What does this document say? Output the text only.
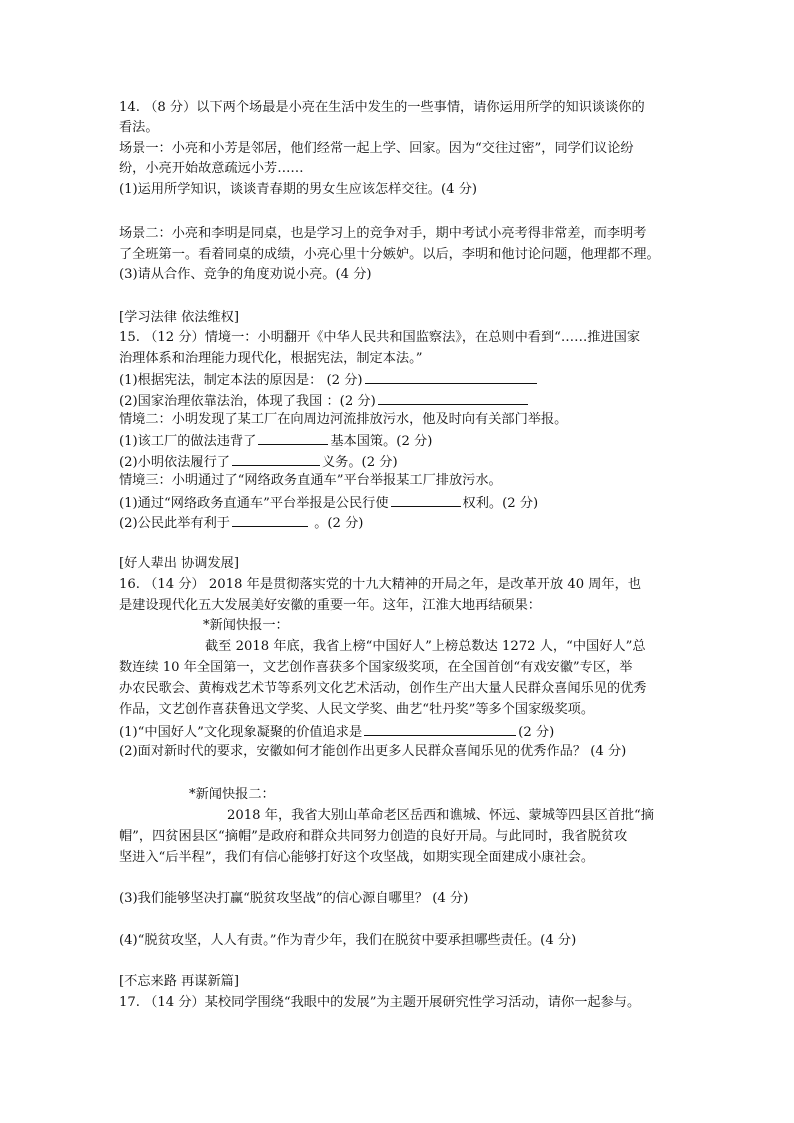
14. （8 分）以下两个场最是小亮在生活中发生的一些事情，请你运用所学的知识谈谈你的
看法。
场景一：小亮和小芳是邻居，他们经常一起上学、回家。因为“交往过密”，同学们议论纷
纷，小亮开始故意疏远小芳……
(1)运用所学知识，谈谈青春期的男女生应该怎样交往。(4 分)
场景二：小亮和李明是同桌，也是学习上的竞争对手，期中考试小亮考得非常差，而李明考
了全班第一。看着同桌的成绩，小亮心里十分嫉妒。以后，李明和他讨论问题，他理都不理。
(3)请从合作、竞争的角度劝说小亮。(4 分)
[学习法律 依法维权]
15. （12 分）情境一：小明翻开《中华人民共和国监察法》，在总则中看到“……推进国家
治理体系和治理能力现代化，根据宪法，制定本法。”
(1)根据宪法，制定本法的原因是： (2 分)
(2)国家治理依靠法治，体现了我国 ：(2 分)
情境二：小明发现了某工厂在向周边河流排放污水，他及时向有关部门举报。
(1)该工厂的做法违背了	基本国策。(2 分)
(2)小明依法履行了	义务。(2 分)
情境三：小明通过了“网络政务直通车”平台举报某工厂排放污水。
(1)通过“网络政务直通车”平台举报是公民行使	权利。(2 分)
(2)公民此举有利于	。(2 分)
[好人辈出 协调发展]
16. （14 分） 2018 年是贯彻落实党的十九大精神的开局之年，是改革开放 40 周年，也
是建设现代化五大发展美好安徽的重要一年。这年，江淮大地再结硕果：
*新闻快报一：
截至 2018 年底，我省上榜“中国好人”上榜总数达 1272 人，“中国好人”总
数连续 10 年全国第一，文艺创作喜获多个国家级奖项，在全国首创“有戏安徽”专区，举
办农民歌会、黄梅戏艺术节等系列文化艺术活动，创作生产出大量人民群众喜闻乐见的优秀
作品，文艺创作喜获鲁迅文学奖、人民文学奖、曲艺“牡丹奖”等多个国家级奖项。
(1)“中国好人”文化现象凝聚的价值追求是	(2 分)
(2)面对新时代的要求，安徽如何才能创作出更多人民群众喜闻乐见的优秀作品？ (4 分)
*新闻快报二：
2018 年，我省大别山革命老区岳西和谯城、怀远、蒙城等四县区首批“摘
帽”，四贫困县区“摘帽”是政府和群众共同努力创造的良好开局。与此同时，我省脱贫攻
坚进入“后半程”，我们有信心能够打好这个攻坚战，如期实现全面建成小康社会。
(3)我们能够坚决打赢“脱贫攻坚战”的信心源自哪里？ (4 分)
(4)“脱贫攻坚，人人有责。”作为青少年，我们在脱贫中要承担哪些责任。(4 分)
[不忘来路 再谋新篇]
17. （14 分）某校同学围绕“我眼中的发展”为主题开展研究性学习活动，请你一起参与。
